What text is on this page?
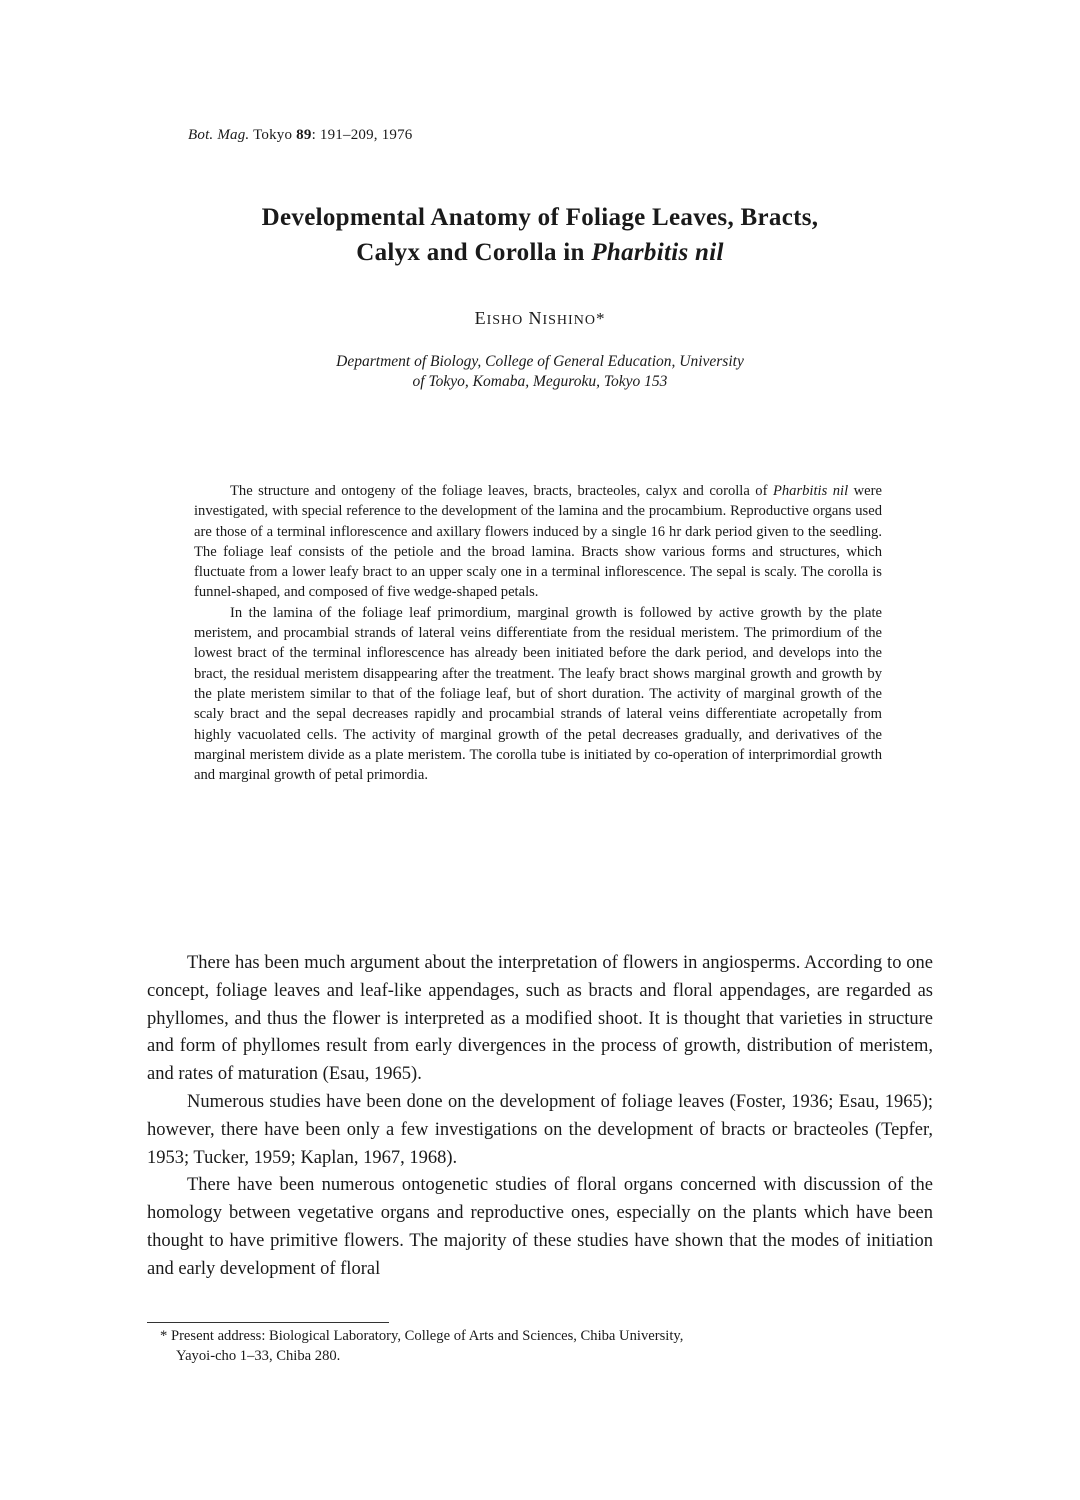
Bot. Mag. Tokyo 89: 191–209, 1976
Developmental Anatomy of Foliage Leaves, Bracts,
Calyx and Corolla in Pharbitis nil
EISHO NISHINO*
Department of Biology, College of General Education, University
of Tokyo, Komaba, Meguroku, Tokyo 153

The structure and ontogeny of the foliage leaves, bracts, bracteoles, calyx and corolla of Pharbitis nil were investigated, with special reference to the development of the lamina and the procambium. Reproductive organs used are those of a terminal inflorescence and axillary flowers induced by a single 16 hr dark period given to the seedling. The foliage leaf consists of the petiole and the broad lamina. Bracts show various forms and structures, which fluctuate from a lower leafy bract to an upper scaly one in a terminal inflorescence. The sepal is scaly. The corolla is funnel-shaped, and composed of five wedge-shaped petals.

In the lamina of the foliage leaf primordium, marginal growth is followed by active growth by the plate meristem, and procambial strands of lateral veins differentiate from the residual meristem. The primordium of the lowest bract of the terminal inflorescence has already been initiated before the dark period, and develops into the bract, the residual meristem disappearing after the treatment. The leafy bract shows marginal growth and growth by the plate meristem similar to that of the foliage leaf, but of short duration. The activity of marginal growth of the scaly bract and the sepal decreases rapidly and procambial strands of lateral veins differentiate acropetally from highly vacuolated cells. The activity of marginal growth of the petal decreases gradually, and derivatives of the marginal meristem divide as a plate meristem. The corolla tube is initiated by co-operation of interprimordial growth and marginal growth of petal primordia.

There has been much argument about the interpretation of flowers in angiosperms. According to one concept, foliage leaves and leaf-like appendages, such as bracts and floral appendages, are regarded as phyllomes, and thus the flower is interpreted as a modified shoot. It is thought that varieties in structure and form of phyllomes result from early divergences in the process of growth, distribution of meristem, and rates of maturation (Esau, 1965).

Numerous studies have been done on the development of foliage leaves (Foster, 1936; Esau, 1965); however, there have been only a few investigations on the development of bracts or bracteoles (Tepfer, 1953; Tucker, 1959; Kaplan, 1967, 1968).

There have been numerous ontogenetic studies of floral organs concerned with discussion of the homology between vegetative organs and reproductive ones, especially on the plants which have been thought to have primitive flowers. The majority of these studies have shown that the modes of initiation and early development of floral

* Present address: Biological Laboratory, College of Arts and Sciences, Chiba University,
Yayoi-cho 1–33, Chiba 280.
